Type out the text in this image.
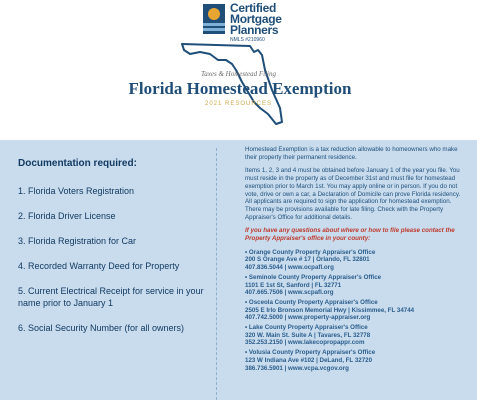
Certified
Mortgage
Planners
NMLS #210960
Taxes & Homestead Filing
Florida Homestead Exemption
2021 RESOURCES
Documentation required:
1. Florida Voters Registration
2. Florida Driver License
3. Florida Registration for Car
4. Recorded Warranty Deed for Property
5. Current Electrical Receipt for service in your name prior to January 1
6. Social Security Number (for all owners)

Homestead Exemption is a tax reduction allowable to homeowners who make their property their permanent residence.

Items 1, 2, 3 and 4 must be obtained before January 1 of the year you file. You must reside in the property as of December 31st and must file for homestead exemption prior to March 1st. You may apply online or in person. If you do not vote, drive or own a car, a Declaration of Domicile can prove Florida residency. All applicants are required to sign the application for homestead exemption. There may be provisions available for late filing. Check with the Property Appraiser's Office for additional details.

If you have any questions about where or how to file please contact the Property Appraiser's office in your county:

• Orange County Property Appraiser's Office
200 S Orange Ave # 17 | Orlando, FL 32801
407.836.5044 | www.ocpafl.org
• Seminole County Property Appraiser's Office
1101 E 1st St, Sanford | FL 32771
407.665.7506 | www.scpafl.org
• Osceola County Property Appraiser's Office
2505 E Irlo Bronson Memorial Hwy | Kissimmee, FL 34744
407.742.5000 | www.property-appraiser.org
• Lake County Property Appraiser's Office
320 W. Main St. Suite A | Tavares, FL 32778
352.253.2150 | www.lakecopropappr.com
• Volusia County Property Appraiser's Office
123 W Indiana Ave #102 | DeLand, FL 32720
386.736.5901 | www.vcpa.vcgov.org
